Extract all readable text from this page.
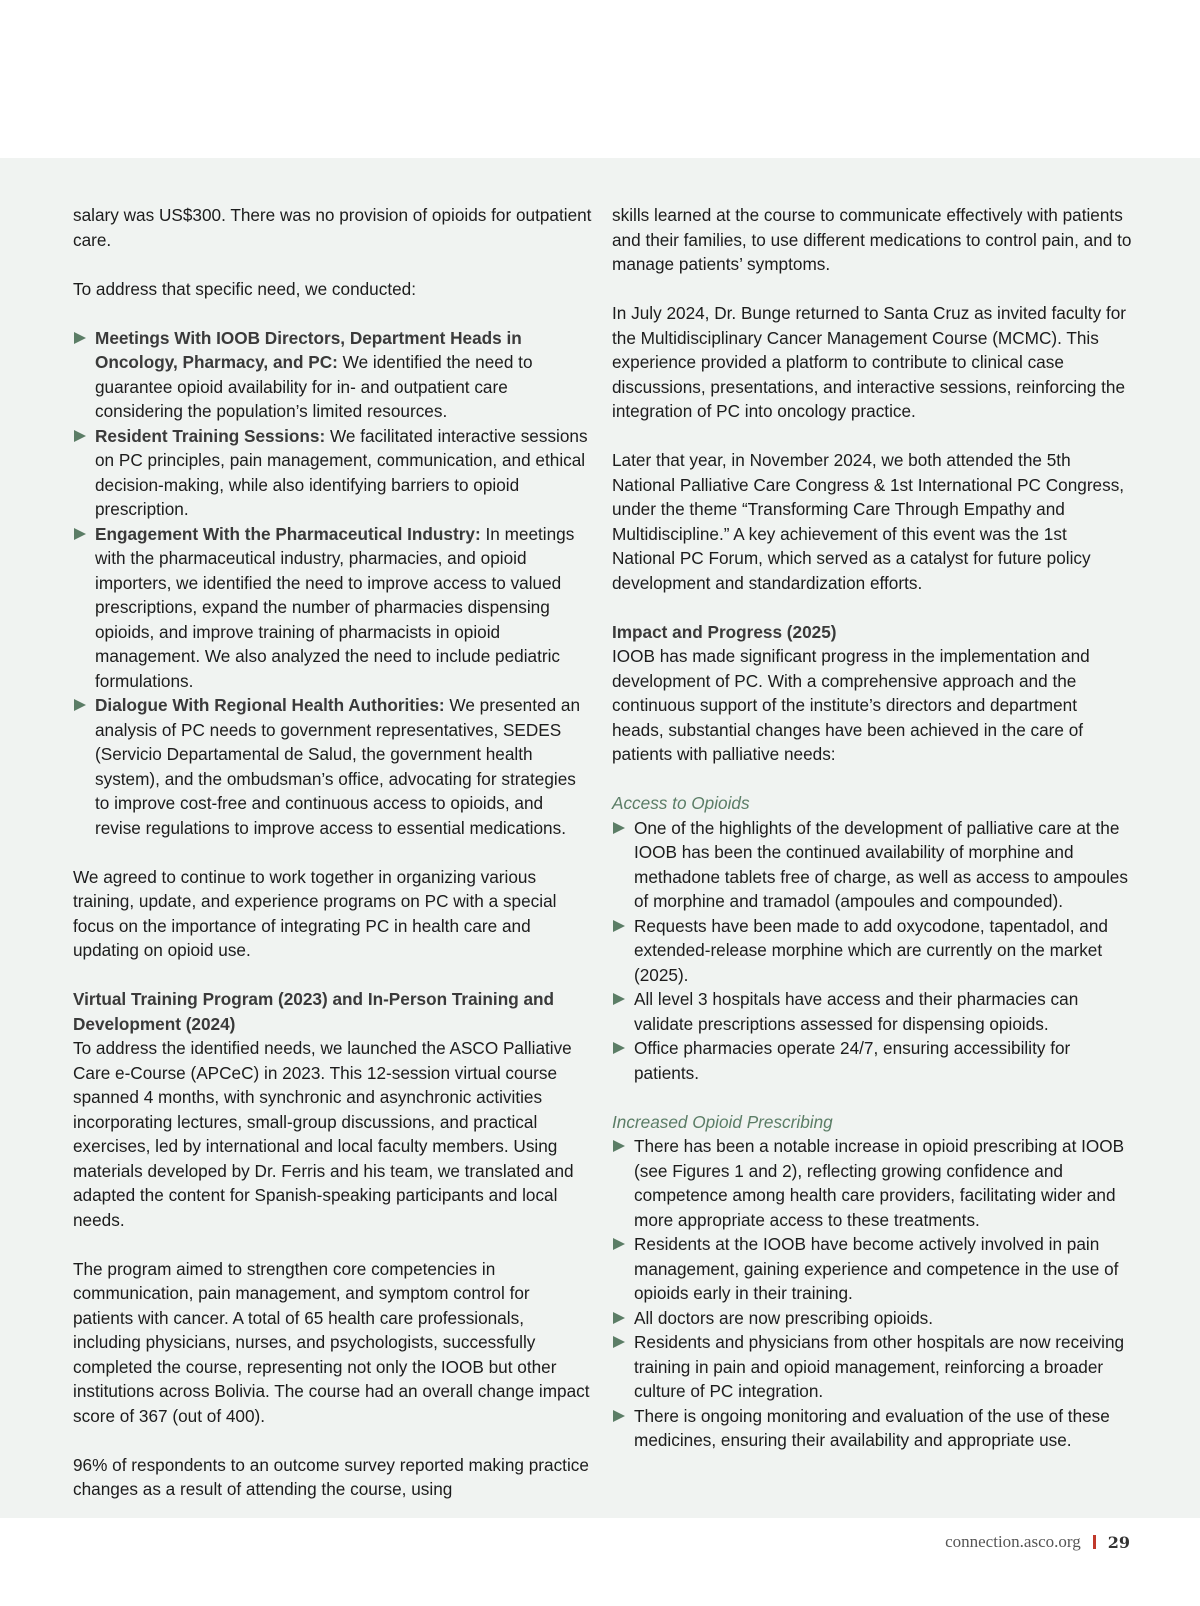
salary was US$300. There was no provision of opioids for outpatient care.

To address that specific need, we conducted:

Meetings With IOOB Directors, Department Heads in Oncology, Pharmacy, and PC: We identified the need to guarantee opioid availability for in- and outpatient care considering the population’s limited resources.
Resident Training Sessions: We facilitated interactive sessions on PC principles, pain management, communication, and ethical decision-making, while also identifying barriers to opioid prescription.
Engagement With the Pharmaceutical Industry: In meetings with the pharmaceutical industry, pharmacies, and opioid importers, we identified the need to improve access to valued prescriptions, expand the number of pharmacies dispensing opioids, and improve training of pharmacists in opioid management. We also analyzed the need to include pediatric formulations.
Dialogue With Regional Health Authorities: We presented an analysis of PC needs to government representatives, SEDES (Servicio Departamental de Salud, the government health system), and the ombudsman’s office, advocating for strategies to improve cost-free and continuous access to opioids, and revise regulations to improve access to essential medications.

We agreed to continue to work together in organizing various training, update, and experience programs on PC with a special focus on the importance of integrating PC in health care and updating on opioid use.

Virtual Training Program (2023) and In-Person Training and Development (2024)

To address the identified needs, we launched the ASCO Palliative Care e-Course (APCeC) in 2023. This 12-session virtual course spanned 4 months, with synchronic and asynchronic activities incorporating lectures, small-group discussions, and practical exercises, led by international and local faculty members. Using materials developed by Dr. Ferris and his team, we translated and adapted the content for Spanish-speaking participants and local needs.

The program aimed to strengthen core competencies in communication, pain management, and symptom control for patients with cancer. A total of 65 health care professionals, including physicians, nurses, and psychologists, successfully completed the course, representing not only the IOOB but other institutions across Bolivia. The course had an overall change impact score of 367 (out of 400).

96% of respondents to an outcome survey reported making practice changes as a result of attending the course, using

skills learned at the course to communicate effectively with patients and their families, to use different medications to control pain, and to manage patients’ symptoms.

In July 2024, Dr. Bunge returned to Santa Cruz as invited faculty for the Multidisciplinary Cancer Management Course (MCMC). This experience provided a platform to contribute to clinical case discussions, presentations, and interactive sessions, reinforcing the integration of PC into oncology practice.

Later that year, in November 2024, we both attended the 5th National Palliative Care Congress & 1st International PC Congress, under the theme “Transforming Care Through Empathy and Multidiscipline.” A key achievement of this event was the 1st National PC Forum, which served as a catalyst for future policy development and standardization efforts.

Impact and Progress (2025)

IOOB has made significant progress in the implementation and development of PC. With a comprehensive approach and the continuous support of the institute’s directors and department heads, substantial changes have been achieved in the care of patients with palliative needs:

Access to Opioids
One of the highlights of the development of palliative care at the IOOB has been the continued availability of morphine and methadone tablets free of charge, as well as access to ampoules of morphine and tramadol (ampoules and compounded).
Requests have been made to add oxycodone, tapentadol, and extended-release morphine which are currently on the market (2025).
All level 3 hospitals have access and their pharmacies can validate prescriptions assessed for dispensing opioids.
Office pharmacies operate 24/7, ensuring accessibility for patients.
Increased Opioid Prescribing
There has been a notable increase in opioid prescribing at IOOB (see Figures 1 and 2), reflecting growing confidence and competence among health care providers, facilitating wider and more appropriate access to these treatments.
Residents at the IOOB have become actively involved in pain management, gaining experience and competence in the use of opioids early in their training.
All doctors are now prescribing opioids.
Residents and physicians from other hospitals are now receiving training in pain and opioid management, reinforcing a broader culture of PC integration.
There is ongoing monitoring and evaluation of the use of these medicines, ensuring their availability and appropriate use.
connection.asco.org 29
